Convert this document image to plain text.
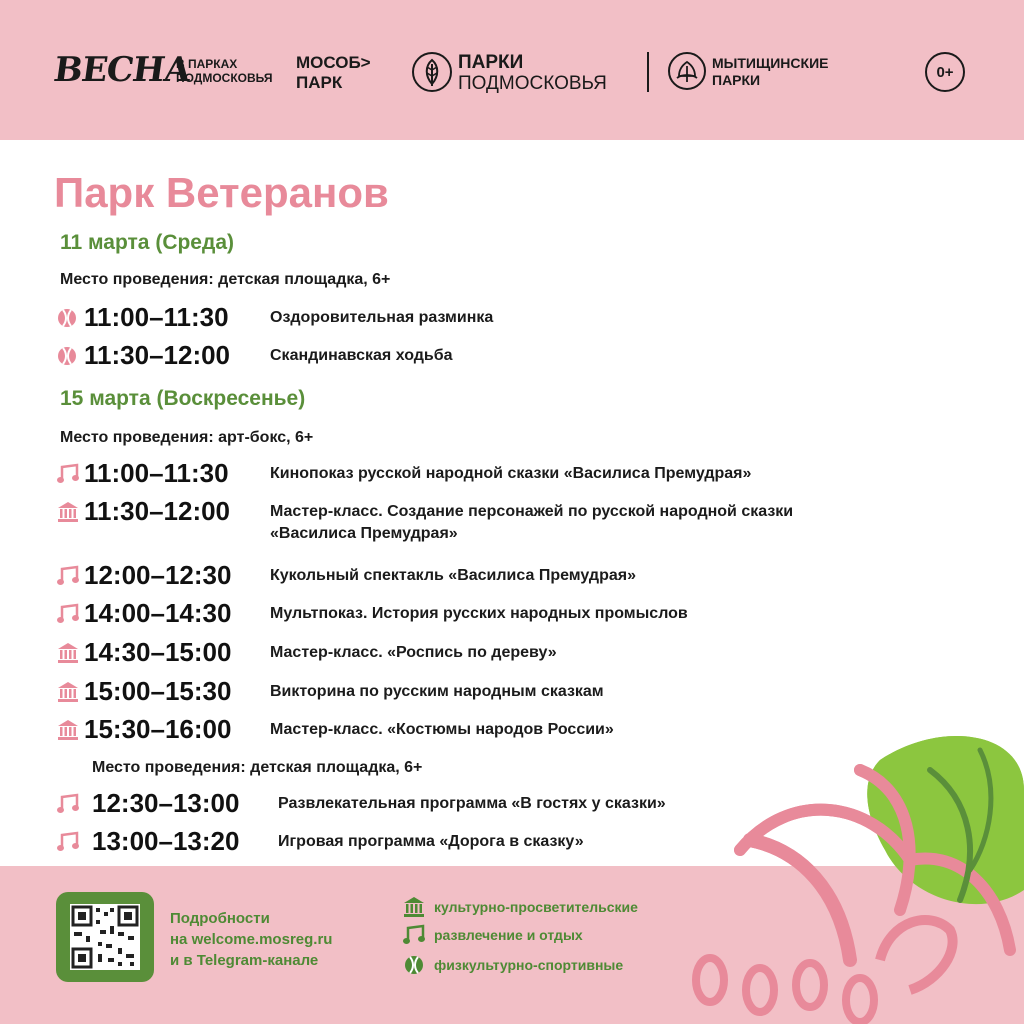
ВЕСНА
В ПАРКАХ
ПОДМОСКОВЬЯ
МОСОБ>
ПАРК
ПАРКИ
ПОДМОСКОВЬЯ
МЫТИЩИНСКИЕ
ПАРКИ	0+
Парк Ветеранов
11 марта (Среда)
Место проведения: детская площадка, 6+
11:00–11:30	Оздоровительная разминка
11:30–12:00	Скандинавская ходьба
15 марта (Воскресенье)
Место проведения: арт-бокс, 6+
11:00–11:30	Кинопоказ русской народной сказки «Василиса Премудрая»
11:30–12:00	Мастер-класс. Создание персонажей по русской народной сказки
«Василиса Премудрая»
12:00–12:30	Кукольный спектакль «Василиса Премудрая»
14:00–14:30	Мультпоказ. История русских народных промыслов
14:30–15:00	Мастер-класс. «Роспись по дереву»
15:00–15:30	Викторина по русским народным сказкам
15:30–16:00	Мастер-класс. «Костюмы народов России»
Место проведения: детская площадка, 6+
12:30–13:00	Развлекательная программа «В гостях у сказки»
13:00–13:20	Игровая программа «Дорога в сказку»
Подробности
на welcome.mosreg.ru
и в Telegram-канале
культурно-просветительские
развлечение и отдых
физкультурно-спортивные
